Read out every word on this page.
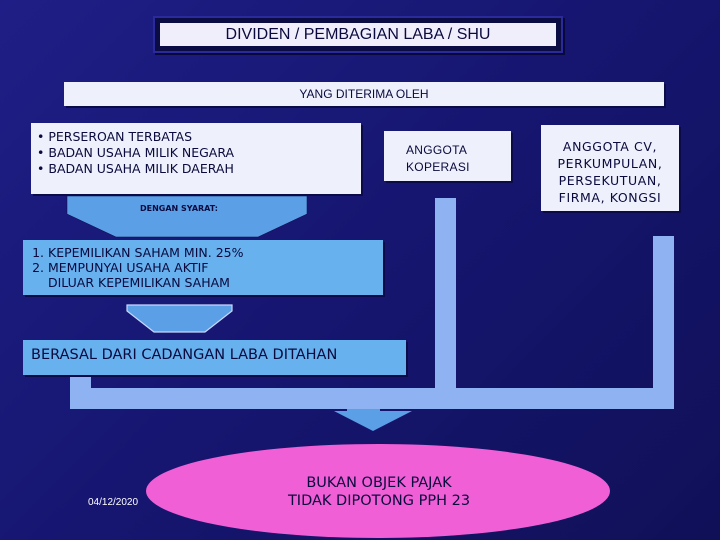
DIVIDEN / PEMBAGIAN LABA / SHU
YANG DITERIMA OLEH
• PERSEROAN TERBATAS
• BADAN USAHA MILIK NEGARA
• BADAN USAHA MILIK DAERAH
ANGGOTA
KOPERASI
ANGGOTA CV,
PERKUMPULAN,
PERSEKUTUAN,
FIRMA, KONGSI
DENGAN SYARAT:
1. KEPEMILIKAN SAHAM MIN. 25%
2. MEMPUNYAI USAHA AKTIF
DILUAR KEPEMILIKAN SAHAM
BERASAL DARI CADANGAN LABA DITAHAN
04/12/2020
BUKAN OBJEK PAJAK
TIDAK DIPOTONG PPH 23
